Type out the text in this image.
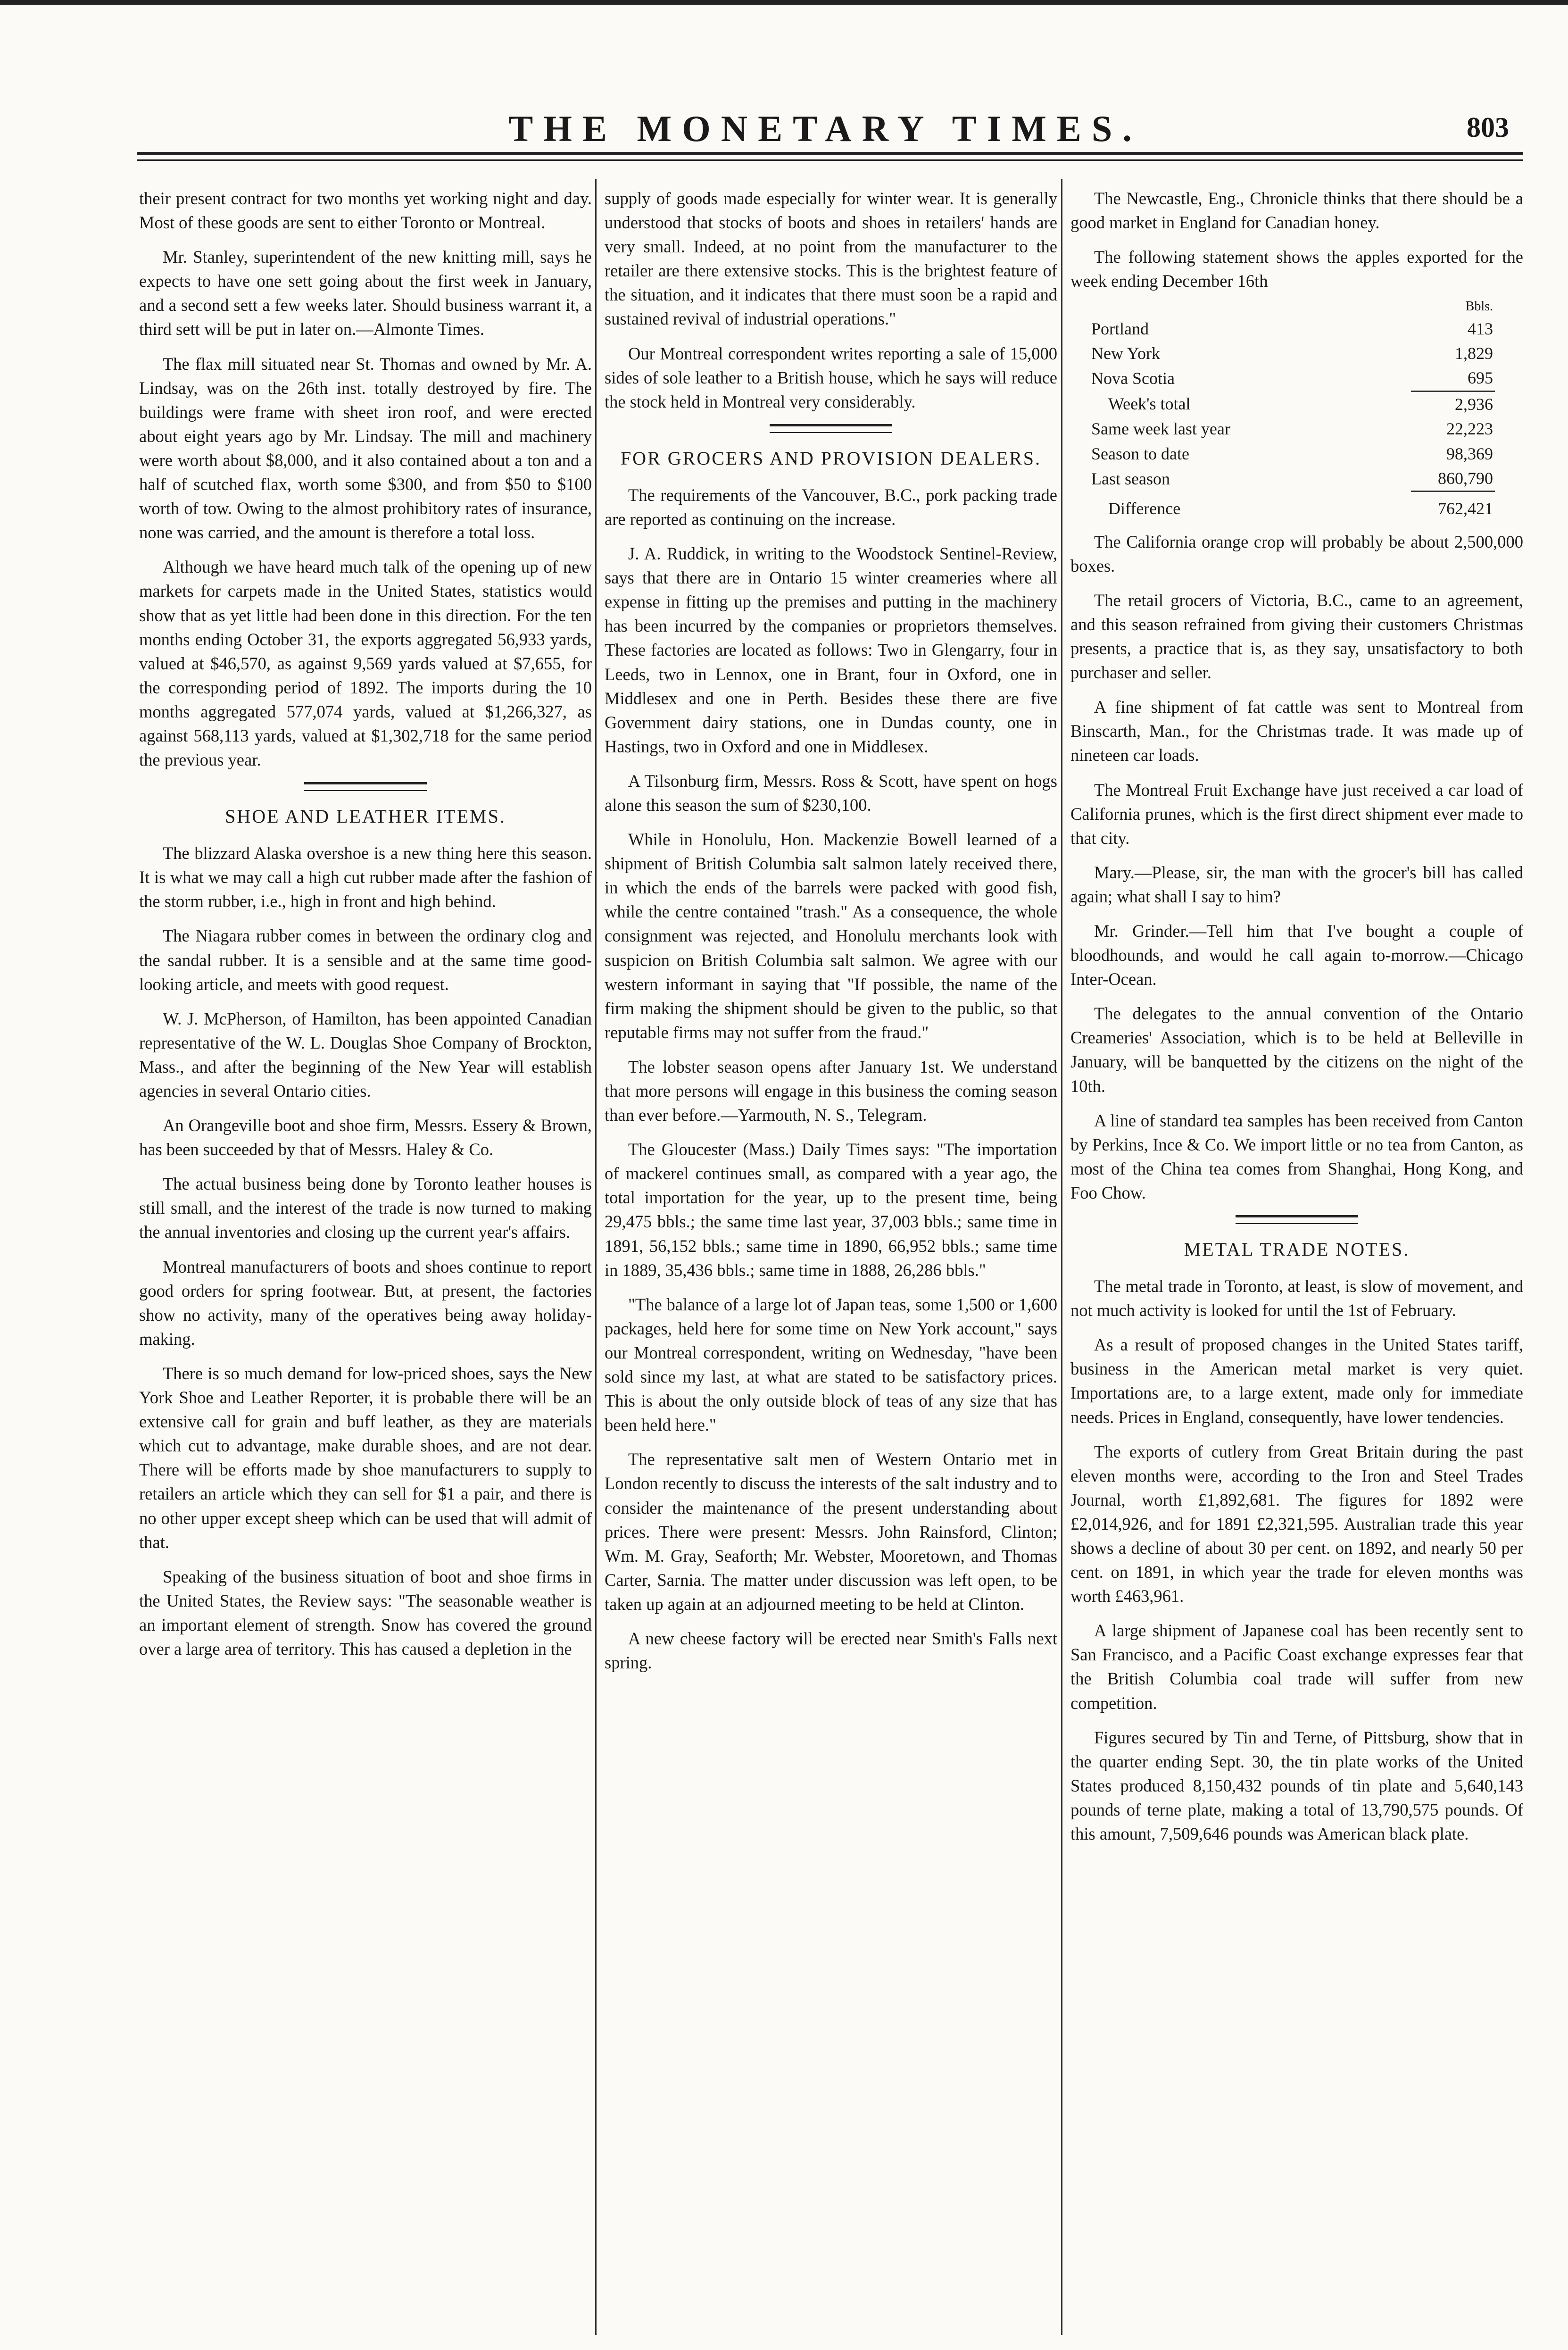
THE MONETARY TIMES.	803

their present contract for two months yet working night and day. Most of these goods are sent to either Toronto or Montreal.

Mr. Stanley, superintendent of the new knitting mill, says he expects to have one sett going about the first week in January, and a second sett a few weeks later. Should business warrant it, a third sett will be put in later on.—Almonte Times.

The flax mill situated near St. Thomas and owned by Mr. A. Lindsay, was on the 26th inst. totally destroyed by fire. The buildings were frame with sheet iron roof, and were erected about eight years ago by Mr. Lindsay. The mill and machinery were worth about $8,000, and it also contained about a ton and a half of scutched flax, worth some $300, and from $50 to $100 worth of tow. Owing to the almost prohibitory rates of insurance, none was carried, and the amount is therefore a total loss.

Although we have heard much talk of the opening up of new markets for carpets made in the United States, statistics would show that as yet little had been done in this direction. For the ten months ending October 31, the exports aggregated 56,933 yards, valued at $46,570, as against 9,569 yards valued at $7,655, for the corresponding period of 1892. The imports during the 10 months aggregated 577,074 yards, valued at $1,266,327, as against 568,113 yards, valued at $1,302,718 for the same period the previous year.

SHOE AND LEATHER ITEMS.

The blizzard Alaska overshoe is a new thing here this season. It is what we may call a high cut rubber made after the fashion of the storm rubber, i.e., high in front and high behind.

The Niagara rubber comes in between the ordinary clog and the sandal rubber. It is a sensible and at the same time good-looking article, and meets with good request.

W. J. McPherson, of Hamilton, has been appointed Canadian representative of the W. L. Douglas Shoe Company of Brockton, Mass., and after the beginning of the New Year will establish agencies in several Ontario cities.

An Orangeville boot and shoe firm, Messrs. Essery & Brown, has been succeeded by that of Messrs. Haley & Co.

The actual business being done by Toronto leather houses is still small, and the interest of the trade is now turned to making the annual inventories and closing up the current year's affairs.

Montreal manufacturers of boots and shoes continue to report good orders for spring footwear. But, at present, the factories show no activity, many of the operatives being away holiday-making.

There is so much demand for low-priced shoes, says the New York Shoe and Leather Reporter, it is probable there will be an extensive call for grain and buff leather, as they are materials which cut to advantage, make durable shoes, and are not dear. There will be efforts made by shoe manufacturers to supply to retailers an article which they can sell for $1 a pair, and there is no other upper except sheep which can be used that will admit of that.

Speaking of the business situation of boot and shoe firms in the United States, the Review says: "The seasonable weather is an important element of strength. Snow has covered the ground over a large area of territory. This has caused a depletion in the

supply of goods made especially for winter wear. It is generally understood that stocks of boots and shoes in retailers' hands are very small. Indeed, at no point from the manufacturer to the retailer are there extensive stocks. This is the brightest feature of the situation, and it indicates that there must soon be a rapid and sustained revival of industrial operations."

Our Montreal correspondent writes reporting a sale of 15,000 sides of sole leather to a British house, which he says will reduce the stock held in Montreal very considerably.

FOR GROCERS AND PROVISION DEALERS.

The requirements of the Vancouver, B.C., pork packing trade are reported as continuing on the increase.

J. A. Ruddick, in writing to the Woodstock Sentinel-Review, says that there are in Ontario 15 winter creameries where all expense in fitting up the premises and putting in the machinery has been incurred by the companies or proprietors themselves. These factories are located as follows: Two in Glengarry, four in Leeds, two in Lennox, one in Brant, four in Oxford, one in Middlesex and one in Perth. Besides these there are five Government dairy stations, one in Dundas county, one in Hastings, two in Oxford and one in Middlesex.

A Tilsonburg firm, Messrs. Ross & Scott, have spent on hogs alone this season the sum of $230,100.

While in Honolulu, Hon. Mackenzie Bowell learned of a shipment of British Columbia salt salmon lately received there, in which the ends of the barrels were packed with good fish, while the centre contained "trash." As a consequence, the whole consignment was rejected, and Honolulu merchants look with suspicion on British Columbia salt salmon. We agree with our western informant in saying that "If possible, the name of the firm making the shipment should be given to the public, so that reputable firms may not suffer from the fraud."

The lobster season opens after January 1st. We understand that more persons will engage in this business the coming season than ever before.—Yarmouth, N. S., Telegram.

The Gloucester (Mass.) Daily Times says: "The importation of mackerel continues small, as compared with a year ago, the total importation for the year, up to the present time, being 29,475 bbls.; the same time last year, 37,003 bbls.; same time in 1891, 56,152 bbls.; same time in 1890, 66,952 bbls.; same time in 1889, 35,436 bbls.; same time in 1888, 26,286 bbls."

"The balance of a large lot of Japan teas, some 1,500 or 1,600 packages, held here for some time on New York account," says our Montreal correspondent, writing on Wednesday, "have been sold since my last, at what are stated to be satisfactory prices. This is about the only outside block of teas of any size that has been held here."

The representative salt men of Western Ontario met in London recently to discuss the interests of the salt industry and to consider the maintenance of the present understanding about prices. There were present: Messrs. John Rainsford, Clinton; Wm. M. Gray, Seaforth; Mr. Webster, Mooretown, and Thomas Carter, Sarnia. The matter under discussion was left open, to be taken up again at an adjourned meeting to be held at Clinton.

A new cheese factory will be erected near Smith's Falls next spring.

The Newcastle, Eng., Chronicle thinks that there should be a good market in England for Canadian honey.

The following statement shows the apples exported for the week ending December 16th

	Bbls.
Portland	413
New York	1,829
Nova Scotia	695
Week's total	2,936
Same week last year	22,223
Season to date	98,369
Last season	860,790
Difference	762,421

The California orange crop will probably be about 2,500,000 boxes.

The retail grocers of Victoria, B.C., came to an agreement, and this season refrained from giving their customers Christmas presents, a practice that is, as they say, unsatisfactory to both purchaser and seller.

A fine shipment of fat cattle was sent to Montreal from Binscarth, Man., for the Christmas trade. It was made up of nineteen car loads.

The Montreal Fruit Exchange have just received a car load of California prunes, which is the first direct shipment ever made to that city.

Mary.—Please, sir, the man with the grocer's bill has called again; what shall I say to him?

Mr. Grinder.—Tell him that I've bought a couple of bloodhounds, and would he call again to-morrow.—Chicago Inter-Ocean.

The delegates to the annual convention of the Ontario Creameries' Association, which is to be held at Belleville in January, will be banquetted by the citizens on the night of the 10th.

A line of standard tea samples has been received from Canton by Perkins, Ince & Co. We import little or no tea from Canton, as most of the China tea comes from Shanghai, Hong Kong, and Foo Chow.

METAL TRADE NOTES.

The metal trade in Toronto, at least, is slow of movement, and not much activity is looked for until the 1st of February.

As a result of proposed changes in the United States tariff, business in the American metal market is very quiet. Importations are, to a large extent, made only for immediate needs. Prices in England, consequently, have lower tendencies.

The exports of cutlery from Great Britain during the past eleven months were, according to the Iron and Steel Trades Journal, worth £1,892,681. The figures for 1892 were £2,014,926, and for 1891 £2,321,595. Australian trade this year shows a decline of about 30 per cent. on 1892, and nearly 50 per cent. on 1891, in which year the trade for eleven months was worth £463,961.

A large shipment of Japanese coal has been recently sent to San Francisco, and a Pacific Coast exchange expresses fear that the British Columbia coal trade will suffer from new competition.

Figures secured by Tin and Terne, of Pittsburg, show that in the quarter ending Sept. 30, the tin plate works of the United States produced 8,150,432 pounds of tin plate and 5,640,143 pounds of terne plate, making a total of 13,790,575 pounds. Of this amount, 7,509,646 pounds was American black plate.
